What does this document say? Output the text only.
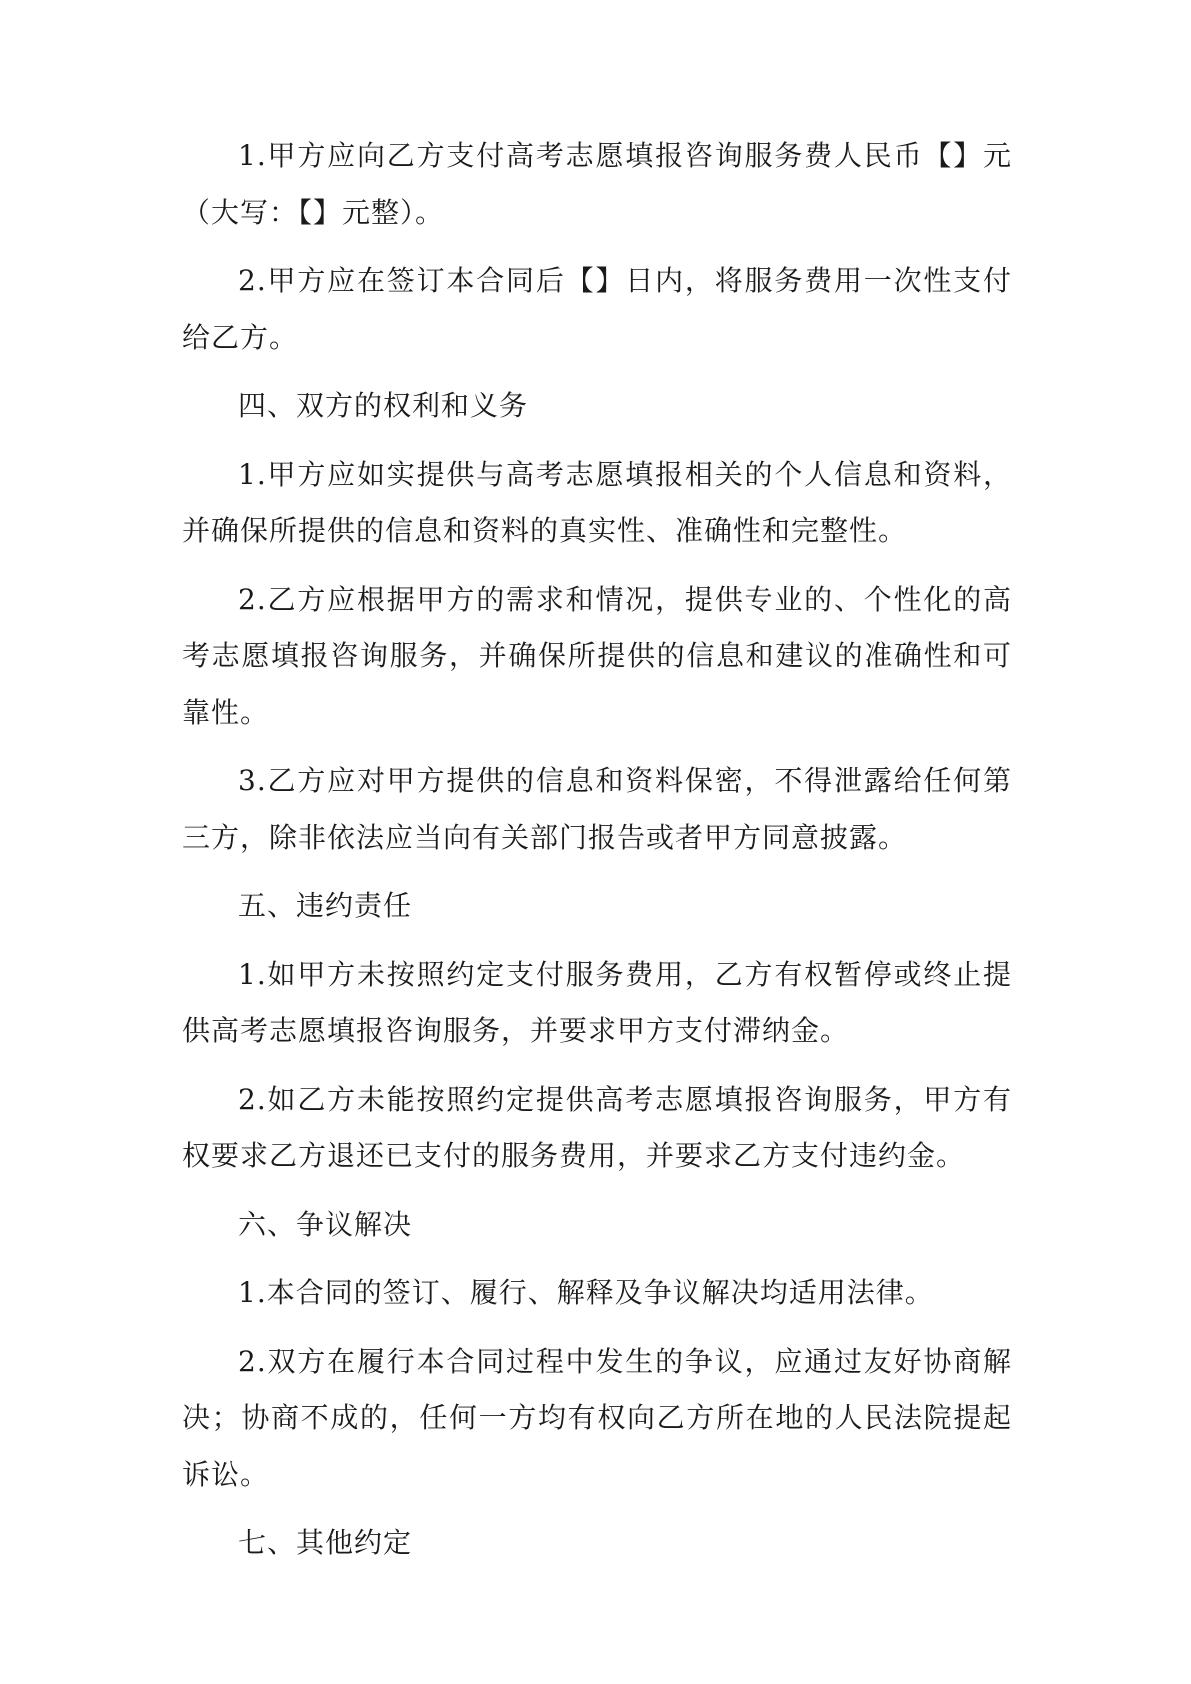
1.甲方应向乙方支付高考志愿填报咨询服务费人民币【】元（大写：【】元整）。

2.甲方应在签订本合同后【】日内，将服务费用一次性支付给乙方。

四、双方的权利和义务

1.甲方应如实提供与高考志愿填报相关的个人信息和资料，并确保所提供的信息和资料的真实性、准确性和完整性。

2.乙方应根据甲方的需求和情况，提供专业的、个性化的高考志愿填报咨询服务，并确保所提供的信息和建议的准确性和可靠性。

3.乙方应对甲方提供的信息和资料保密，不得泄露给任何第三方，除非依法应当向有关部门报告或者甲方同意披露。

五、违约责任

1.如甲方未按照约定支付服务费用，乙方有权暂停或终止提供高考志愿填报咨询服务，并要求甲方支付滞纳金。

2.如乙方未能按照约定提供高考志愿填报咨询服务，甲方有权要求乙方退还已支付的服务费用，并要求乙方支付违约金。

六、争议解决

1.本合同的签订、履行、解释及争议解决均适用法律。

2.双方在履行本合同过程中发生的争议，应通过友好协商解决；协商不成的，任何一方均有权向乙方所在地的人民法院提起诉讼。

七、其他约定
